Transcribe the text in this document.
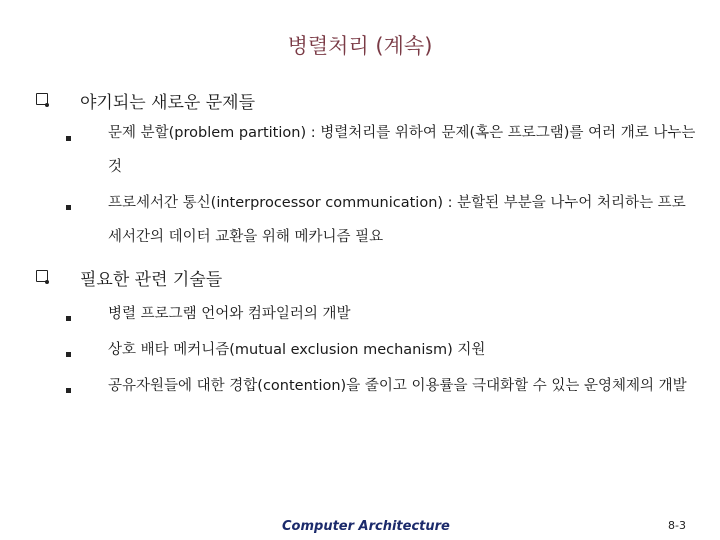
병렬처리 (계속)
야기되는 새로운 문제들
문제 분할(problem partition) : 병렬처리를 위하여 문제(혹은 프로그램)를 여러 개로 나누는 것
프로세서간 통신(interprocessor communication) : 분할된 부분을 나누어 처리하는 프로세서간의 데이터 교환을 위해 메카니즘 필요
필요한 관련 기술들
병렬 프로그램 언어와 컴파일러의 개발
상호 배타 메커니즘(mutual exclusion mechanism) 지원
공유자원들에 대한 경합(contention)을 줄이고 이용률을 극대화할 수 있는 운영체제의 개발
Computer Architecture	8-3
